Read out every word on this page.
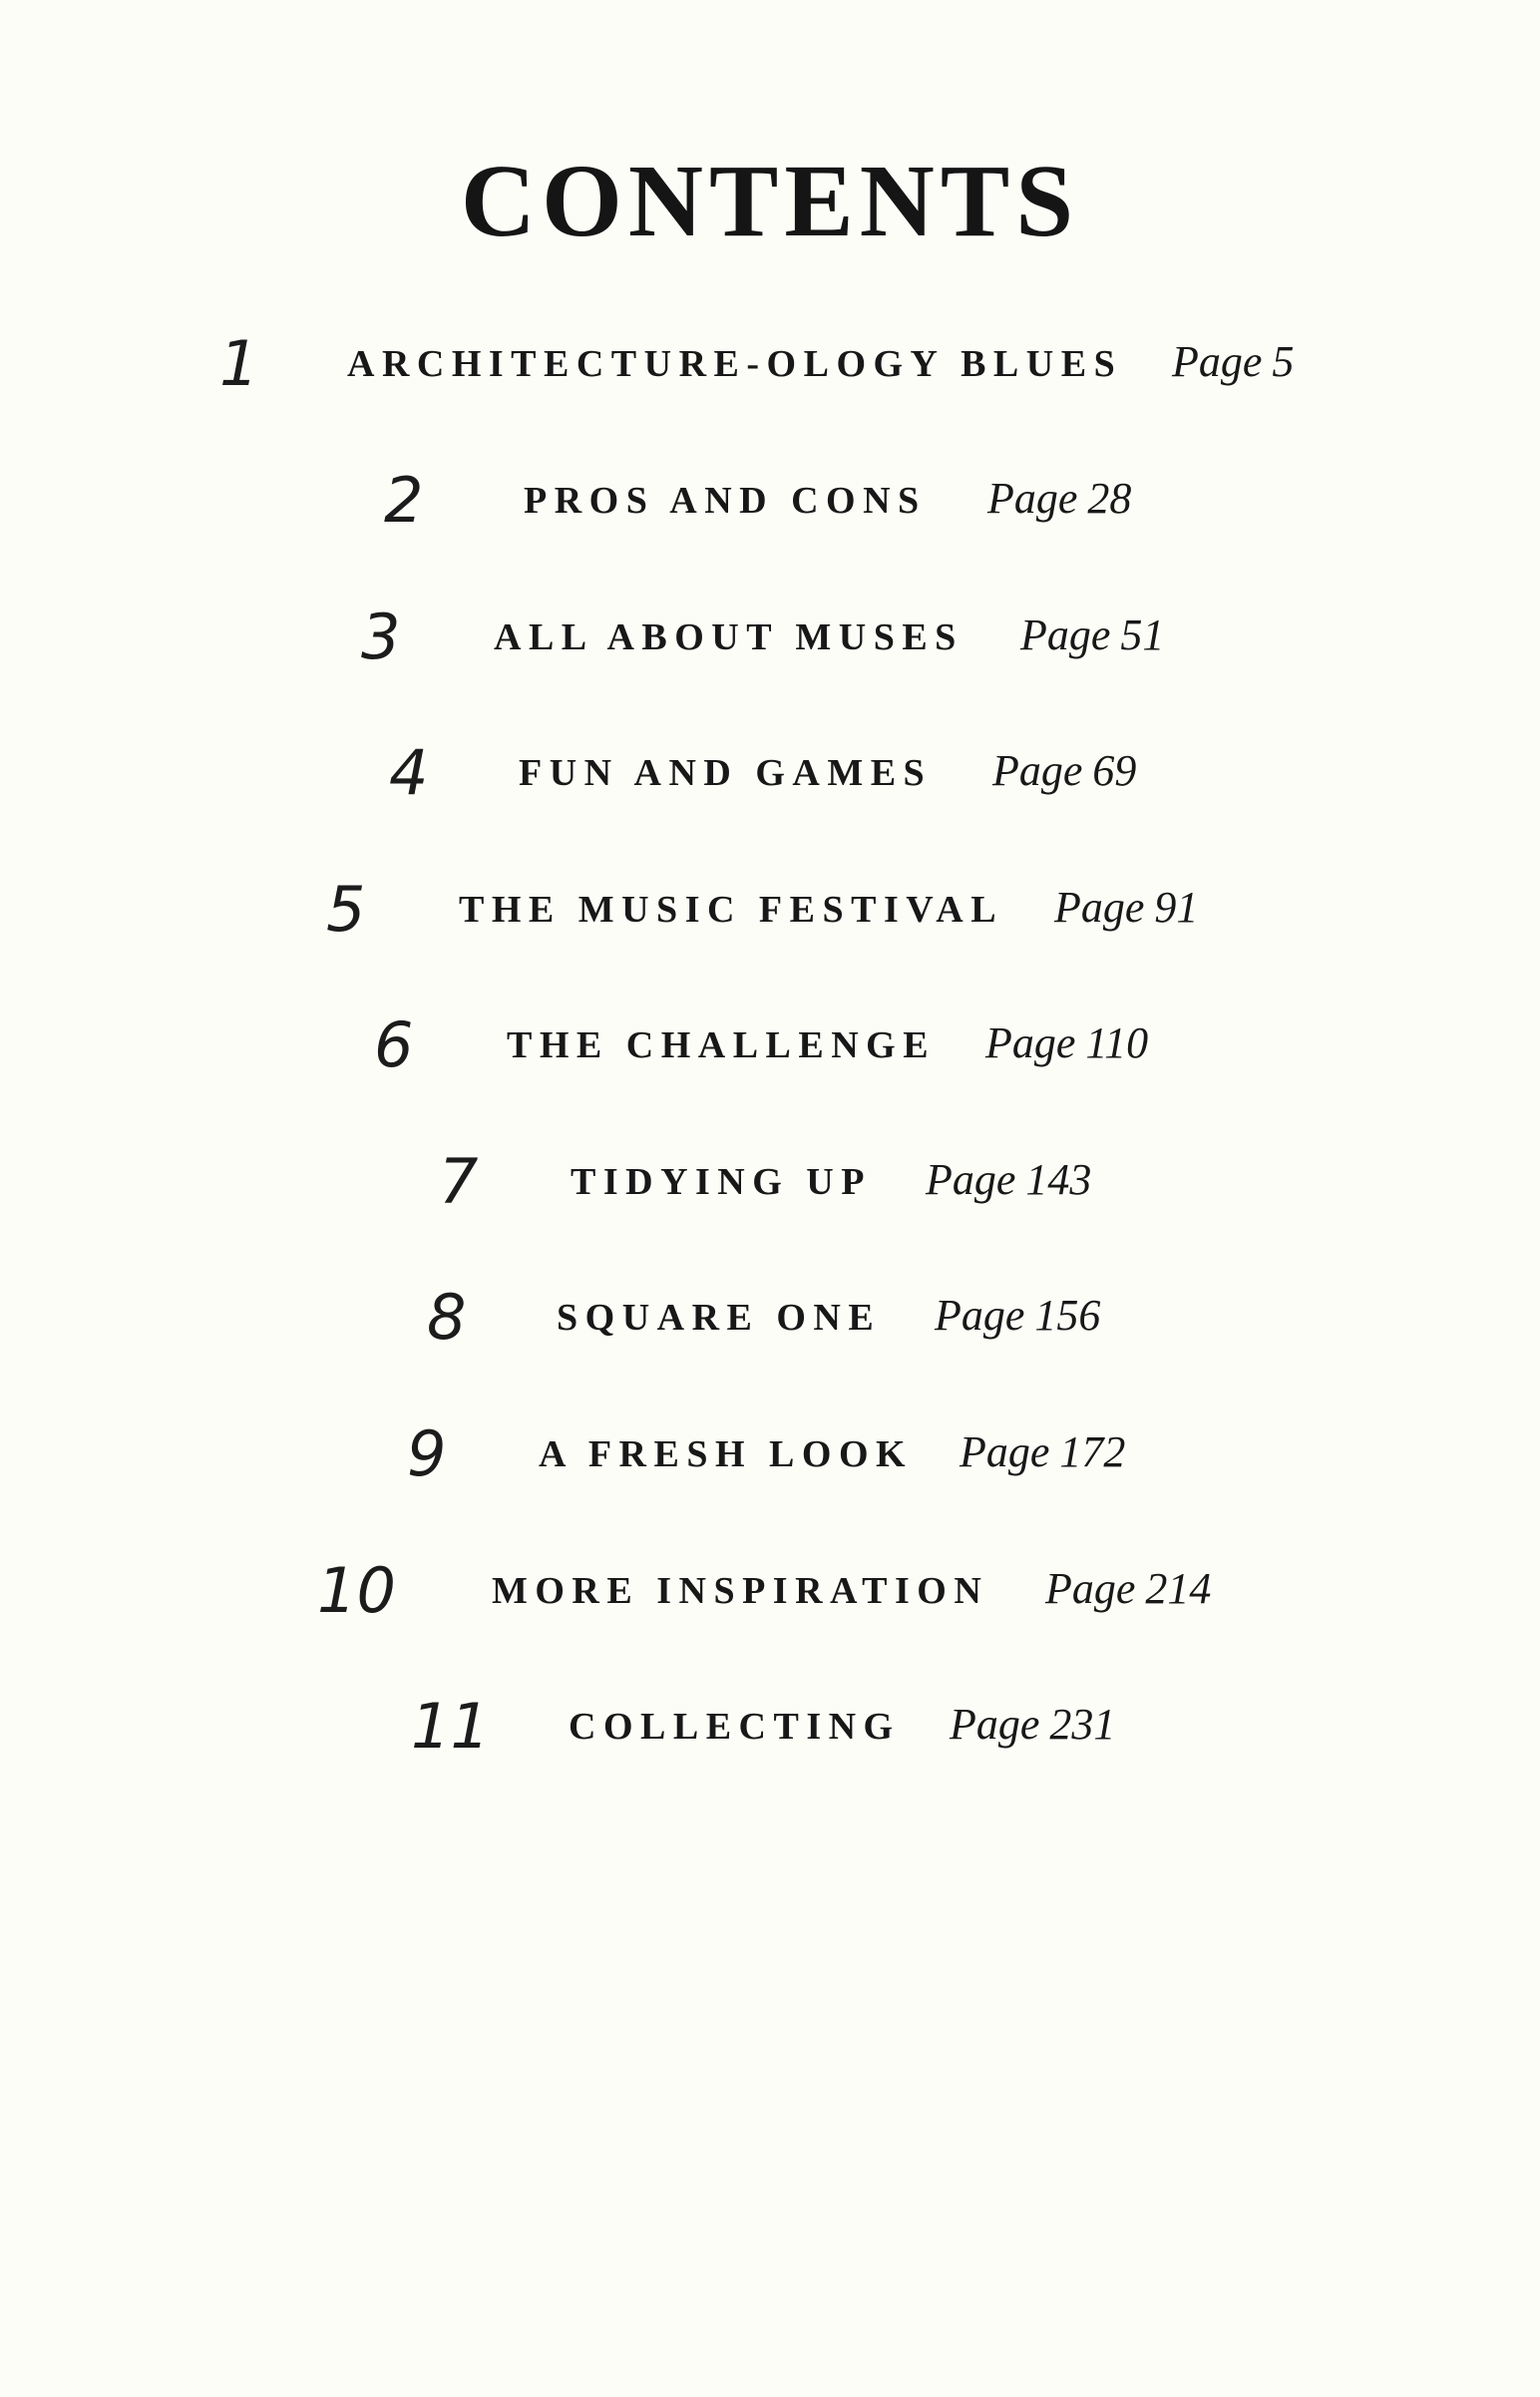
CONTENTS
1 ARCHITECTURE-OLOGY BLUES Page 5
2	PROS AND CONS Page 28
3 ALL ABOUT MUSES Page 51
4 FUN AND GAMES Page 69
5 THE MUSIC FESTIVAL Page 91
6 THE CHALLENGE Page 110
7 TIDYING UP Page 143
8 SQUARE ONE Page 156
9 A FRESH LOOK Page 172
10	MORE INSPIRATION Page 214
11 COLLECTING Page 231
